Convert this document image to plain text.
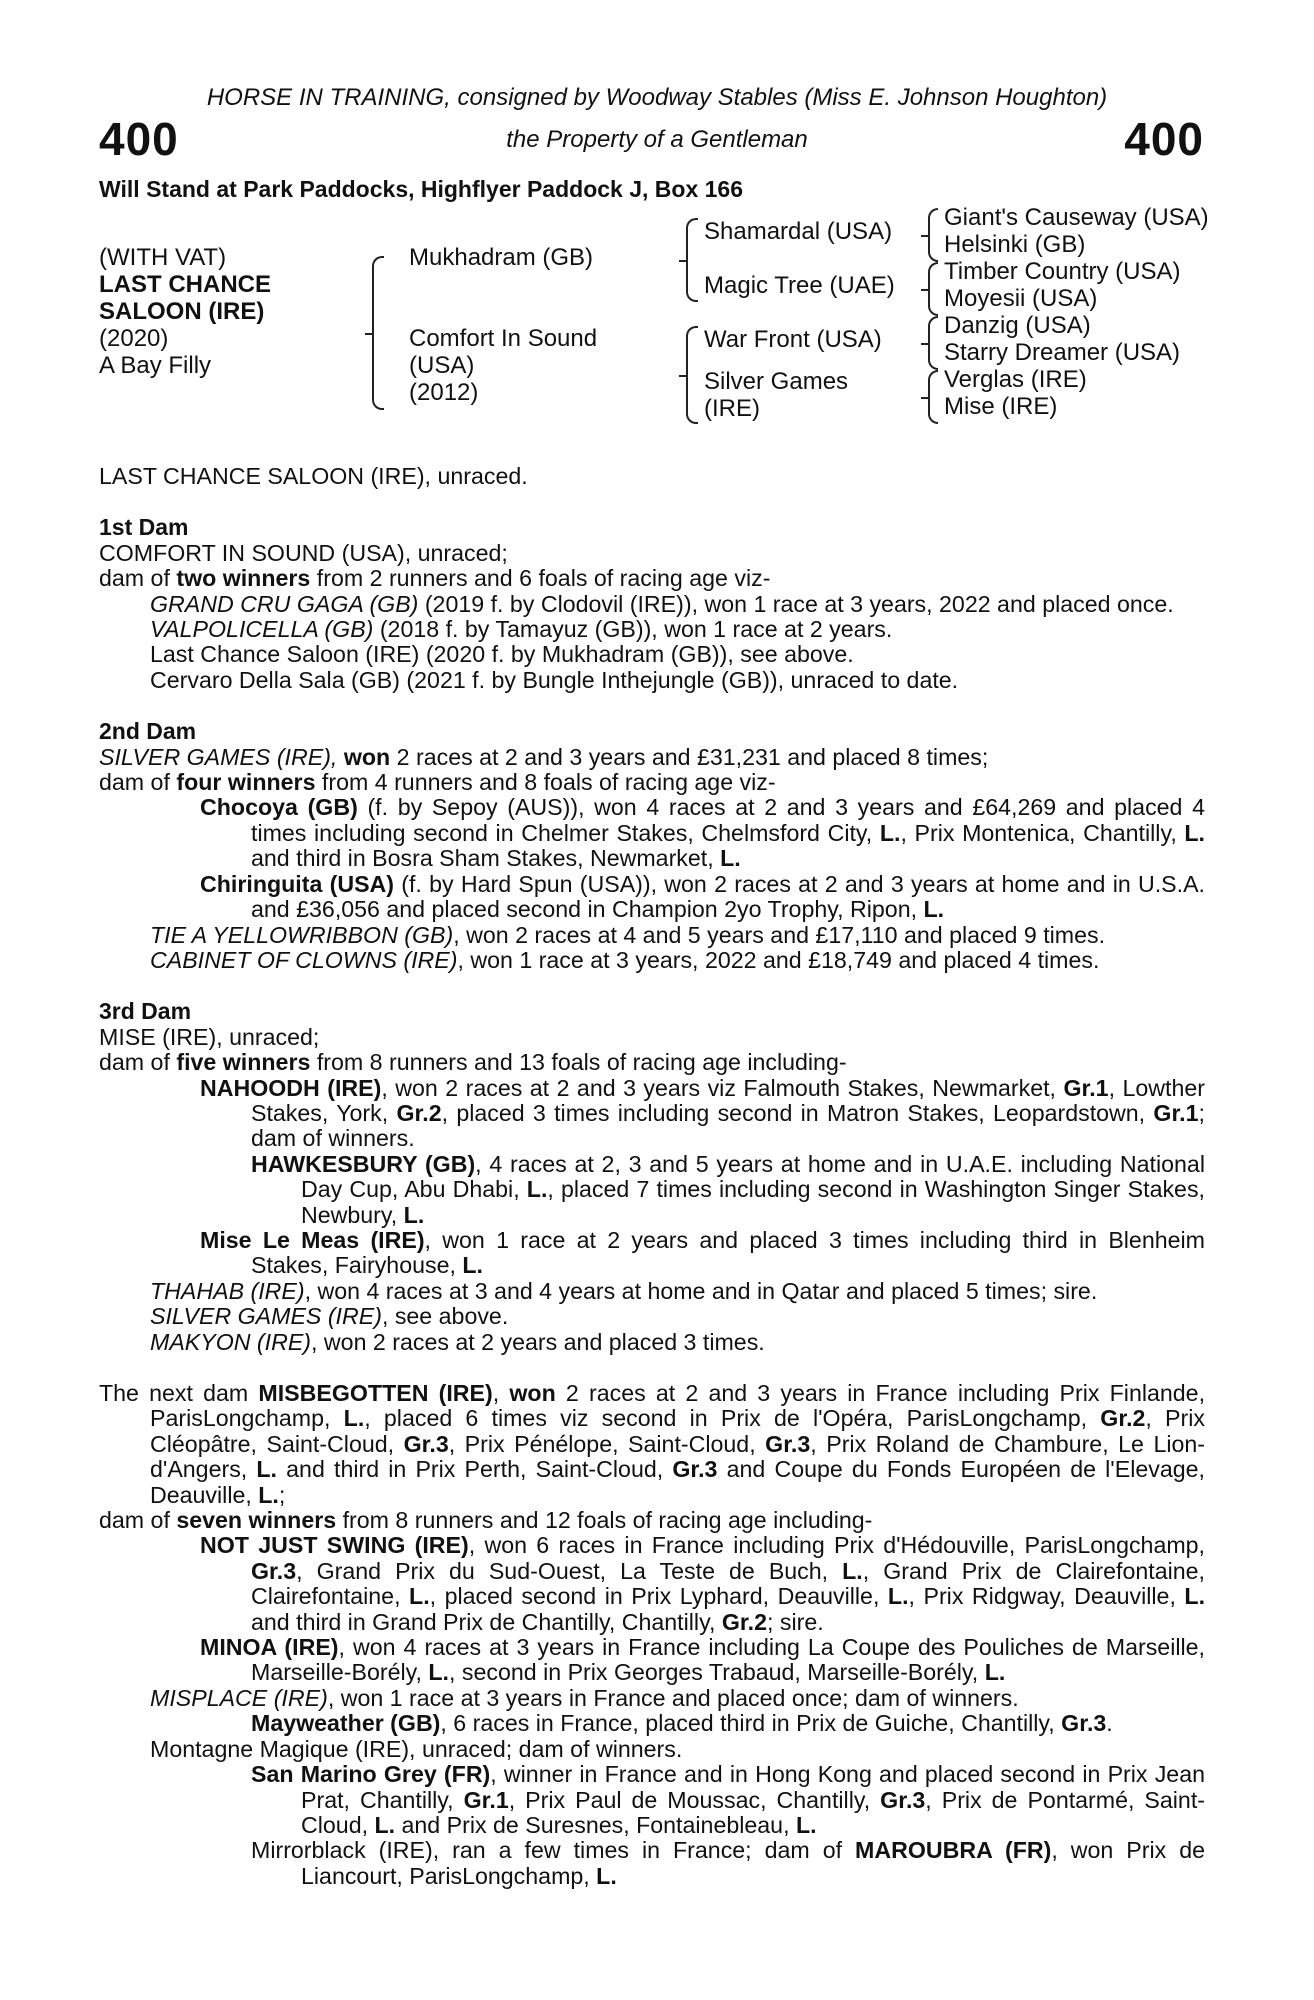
HORSE IN TRAINING, consigned by Woodway Stables (Miss E. Johnson Houghton)
400	the Property of a Gentleman	400
Will Stand at Park Paddocks, Highflyer Paddock J, Box 166
(WITH VAT)
LAST CHANCE
SALOON (IRE)
(2020)
A Bay Filly
Mukhadram (GB)
Comfort In Sound
(USA)
(2012)
Shamardal (USA)
Magic Tree (UAE)
War Front (USA)
Silver Games
(IRE)
Giant's Causeway (USA)
Helsinki (GB)
Timber Country (USA)
Moyesii (USA)
Danzig (USA)
Starry Dreamer (USA)
Verglas (IRE)
Mise (IRE)

LAST CHANCE SALOON (IRE), unraced.

1st Dam

COMFORT IN SOUND (USA), unraced;

dam of two winners from 2 runners and 6 foals of racing age viz-

GRAND CRU GAGA (GB) (2019 f. by Clodovil (IRE)), won 1 race at 3 years, 2022 and placed once.

VALPOLICELLA (GB) (2018 f. by Tamayuz (GB)), won 1 race at 2 years.

Last Chance Saloon (IRE) (2020 f. by Mukhadram (GB)), see above.

Cervaro Della Sala (GB) (2021 f. by Bungle Inthejungle (GB)), unraced to date.

2nd Dam

SILVER GAMES (IRE), won 2 races at 2 and 3 years and £31,231 and placed 8 times;

dam of four winners from 4 runners and 8 foals of racing age viz-

Chocoya (GB) (f. by Sepoy (AUS)), won 4 races at 2 and 3 years and £64,269 and placed 4 times including second in Chelmer Stakes, Chelmsford City, L., Prix Montenica, Chantilly, L. and third in Bosra Sham Stakes, Newmarket, L.

Chiringuita (USA) (f. by Hard Spun (USA)), won 2 races at 2 and 3 years at home and in U.S.A. and £36,056 and placed second in Champion 2yo Trophy, Ripon, L.

TIE A YELLOWRIBBON (GB), won 2 races at 4 and 5 years and £17,110 and placed 9 times.

CABINET OF CLOWNS (IRE), won 1 race at 3 years, 2022 and £18,749 and placed 4 times.

3rd Dam

MISE (IRE), unraced;

dam of five winners from 8 runners and 13 foals of racing age including-

NAHOODH (IRE), won 2 races at 2 and 3 years viz Falmouth Stakes, Newmarket, Gr.1, Lowther Stakes, York, Gr.2, placed 3 times including second in Matron Stakes, Leopardstown, Gr.1; dam of winners.

HAWKESBURY (GB), 4 races at 2, 3 and 5 years at home and in U.A.E. including National Day Cup, Abu Dhabi, L., placed 7 times including second in Washington Singer Stakes, Newbury, L.

Mise Le Meas (IRE), won 1 race at 2 years and placed 3 times including third in Blenheim Stakes, Fairyhouse, L.

THAHAB (IRE), won 4 races at 3 and 4 years at home and in Qatar and placed 5 times; sire.

SILVER GAMES (IRE), see above.

MAKYON (IRE), won 2 races at 2 years and placed 3 times.

The next dam MISBEGOTTEN (IRE), won 2 races at 2 and 3 years in France including Prix Finlande, ParisLongchamp, L., placed 6 times viz second in Prix de l'Opéra, ParisLongchamp, Gr.2, Prix Cléopâtre, Saint-Cloud, Gr.3, Prix Pénélope, Saint-Cloud, Gr.3, Prix Roland de Chambure, Le Lion-d'Angers, L. and third in Prix Perth, Saint-Cloud, Gr.3 and Coupe du Fonds Européen de l'Elevage, Deauville, L.;

dam of seven winners from 8 runners and 12 foals of racing age including-

NOT JUST SWING (IRE), won 6 races in France including Prix d'Hédouville, ParisLongchamp, Gr.3, Grand Prix du Sud-Ouest, La Teste de Buch, L., Grand Prix de Clairefontaine, Clairefontaine, L., placed second in Prix Lyphard, Deauville, L., Prix Ridgway, Deauville, L. and third in Grand Prix de Chantilly, Chantilly, Gr.2; sire.

MINOA (IRE), won 4 races at 3 years in France including La Coupe des Pouliches de Marseille, Marseille-Borély, L., second in Prix Georges Trabaud, Marseille-Borély, L.

MISPLACE (IRE), won 1 race at 3 years in France and placed once; dam of winners.

Mayweather (GB), 6 races in France, placed third in Prix de Guiche, Chantilly, Gr.3.

Montagne Magique (IRE), unraced; dam of winners.

San Marino Grey (FR), winner in France and in Hong Kong and placed second in Prix Jean Prat, Chantilly, Gr.1, Prix Paul de Moussac, Chantilly, Gr.3, Prix de Pontarmé, Saint-Cloud, L. and Prix de Suresnes, Fontainebleau, L.

Mirrorblack (IRE), ran a few times in France; dam of MAROUBRA (FR), won Prix de Liancourt, ParisLongchamp, L.
